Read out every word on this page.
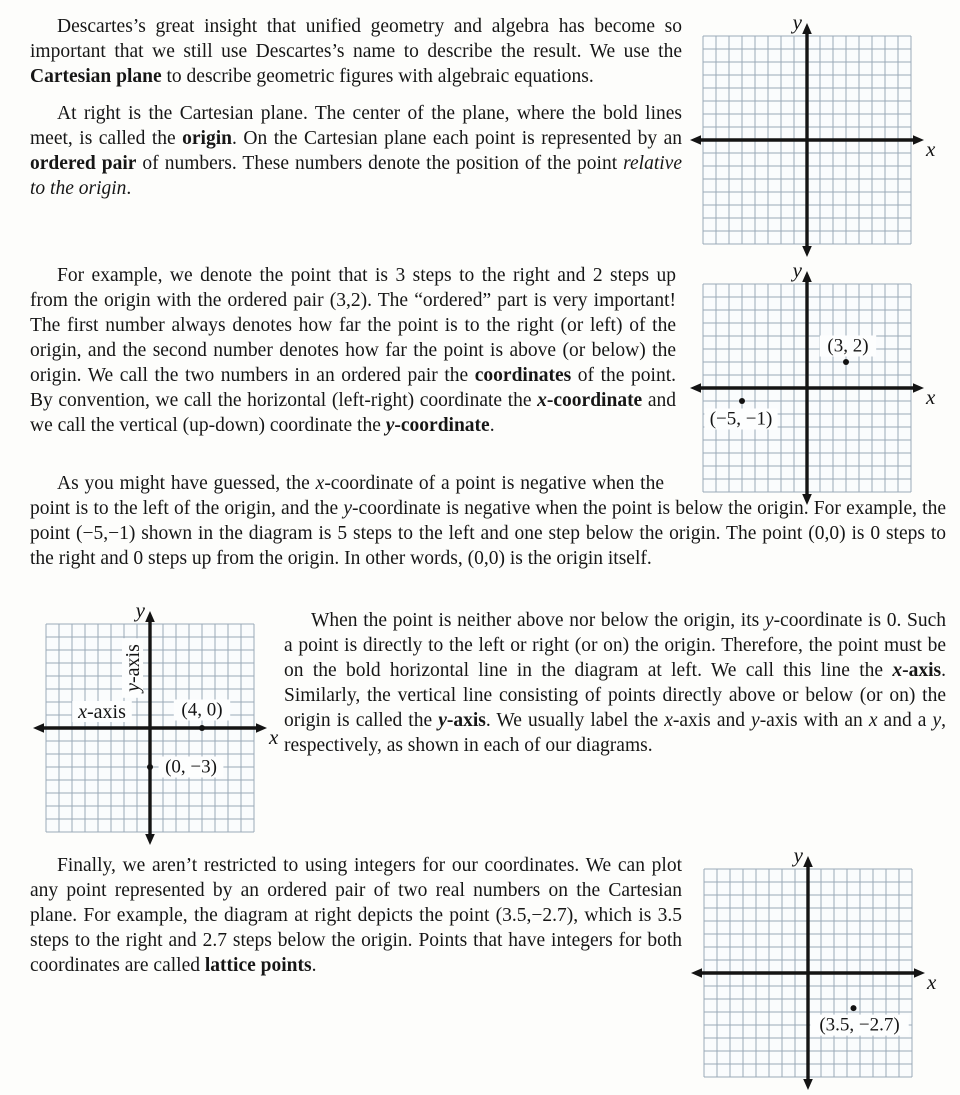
Descartes’s great insight that unified geometry and algebra has become so important that we still use Descartes’s name to describe the result. We use the Cartesian plane to describe geometric figures with algebraic equations.
At right is the Cartesian plane. The center of the plane, where the bold lines meet, is called the origin. On the Cartesian plane each point is represented by an ordered pair of numbers. These numbers denote the position of the point relative to the origin.
y
x
For example, we denote the point that is 3 steps to the right and 2 steps up from the origin with the ordered pair (3,2). The “ordered” part is very important! The first number always denotes how far the point is to the right (or left) of the origin, and the second number denotes how far the point is above (or below) the origin. We call the two numbers in an ordered pair the coordinates of the point. By convention, we call the horizontal (left-right) coordinate the x-coordinate and we call the vertical (up-down) coordinate the y-coordinate.
y
x
(3, 2)
(−5, −1)
As you might have guessed, the x-coordinate of a point is negative when the point is to the left of the origin, and the y-coordinate is negative when the point is below the origin. For example, the point (−5,−1) shown in the diagram is 5 steps to the left and one step below the origin. The point (0,0) is 0 steps to the right and 0 steps up from the origin. In other words, (0,0) is the origin itself.
y
x
y-axis
x-axis	(4, 0)
(0, −3)
When the point is neither above nor below the origin, its y-coordinate is 0. Such a point is directly to the left or right (or on) the origin. Therefore, the point must be on the bold horizontal line in the diagram at left. We call this line the x-axis. Similarly, the vertical line consisting of points directly above or below (or on) the origin is called the y-axis. We usually label the x-axis and y-axis with an x and a y, respectively, as shown in each of our diagrams.
Finally, we aren’t restricted to using integers for our coordinates. We can plot any point represented by an ordered pair of two real numbers on the Cartesian plane. For example, the diagram at right depicts the point (3.5,−2.7), which is 3.5 steps to the right and 2.7 steps below the origin. Points that have integers for both coordinates are called lattice points.
y
x
(3.5, −2.7)
